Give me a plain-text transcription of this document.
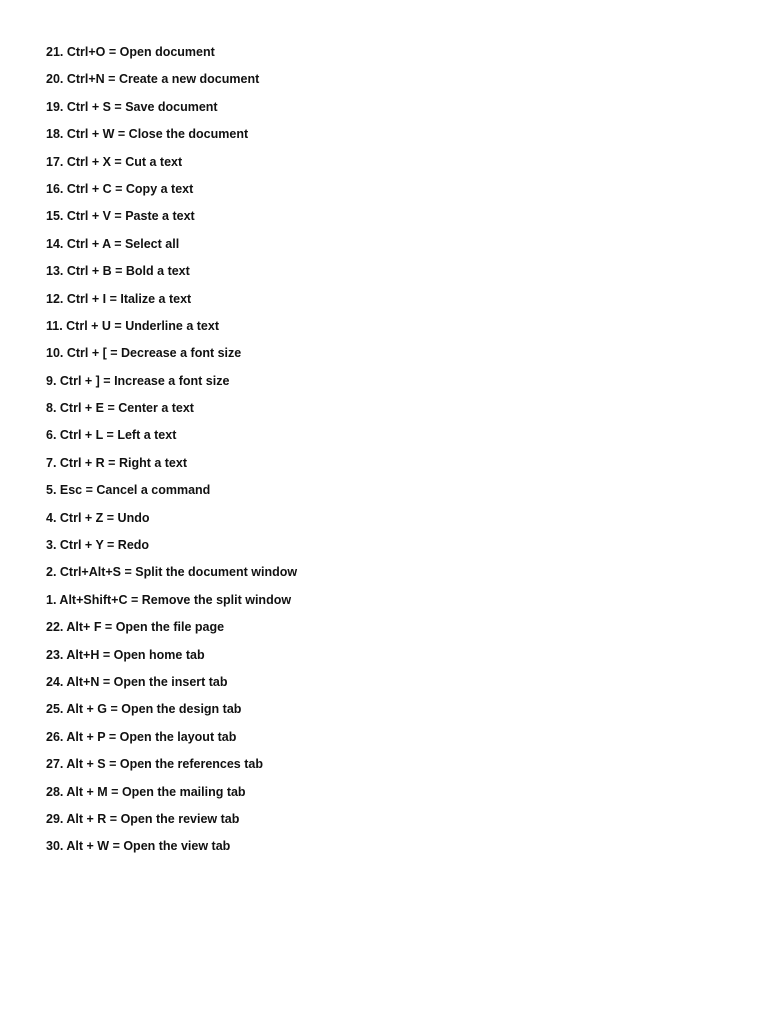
21. Ctrl+O = Open document
20. Ctrl+N = Create a new document
19. Ctrl + S = Save document
18. Ctrl + W = Close the document
17. Ctrl + X = Cut a text
16. Ctrl + C = Copy a text
15. Ctrl + V = Paste a text
14. Ctrl + A = Select all
13. Ctrl + B = Bold a text
12. Ctrl + I = Italize a text
11. Ctrl + U = Underline a text
10. Ctrl + [ = Decrease a font size
9. Ctrl + ] = Increase a font size
8. Ctrl + E = Center a text
6. Ctrl + L = Left a text
7. Ctrl + R = Right a text
5. Esc = Cancel a command
4. Ctrl + Z = Undo
3. Ctrl + Y = Redo
2. Ctrl+Alt+S = Split the document window
1. Alt+Shift+C = Remove the split window
22. Alt+ F = Open the file page
23. Alt+H = Open home tab
24. Alt+N = Open the insert tab
25. Alt + G = Open the design tab
26. Alt + P = Open the layout tab
27. Alt + S = Open the references tab
28. Alt + M = Open the mailing tab
29. Alt + R = Open the review tab
30. Alt + W = Open the view tab
